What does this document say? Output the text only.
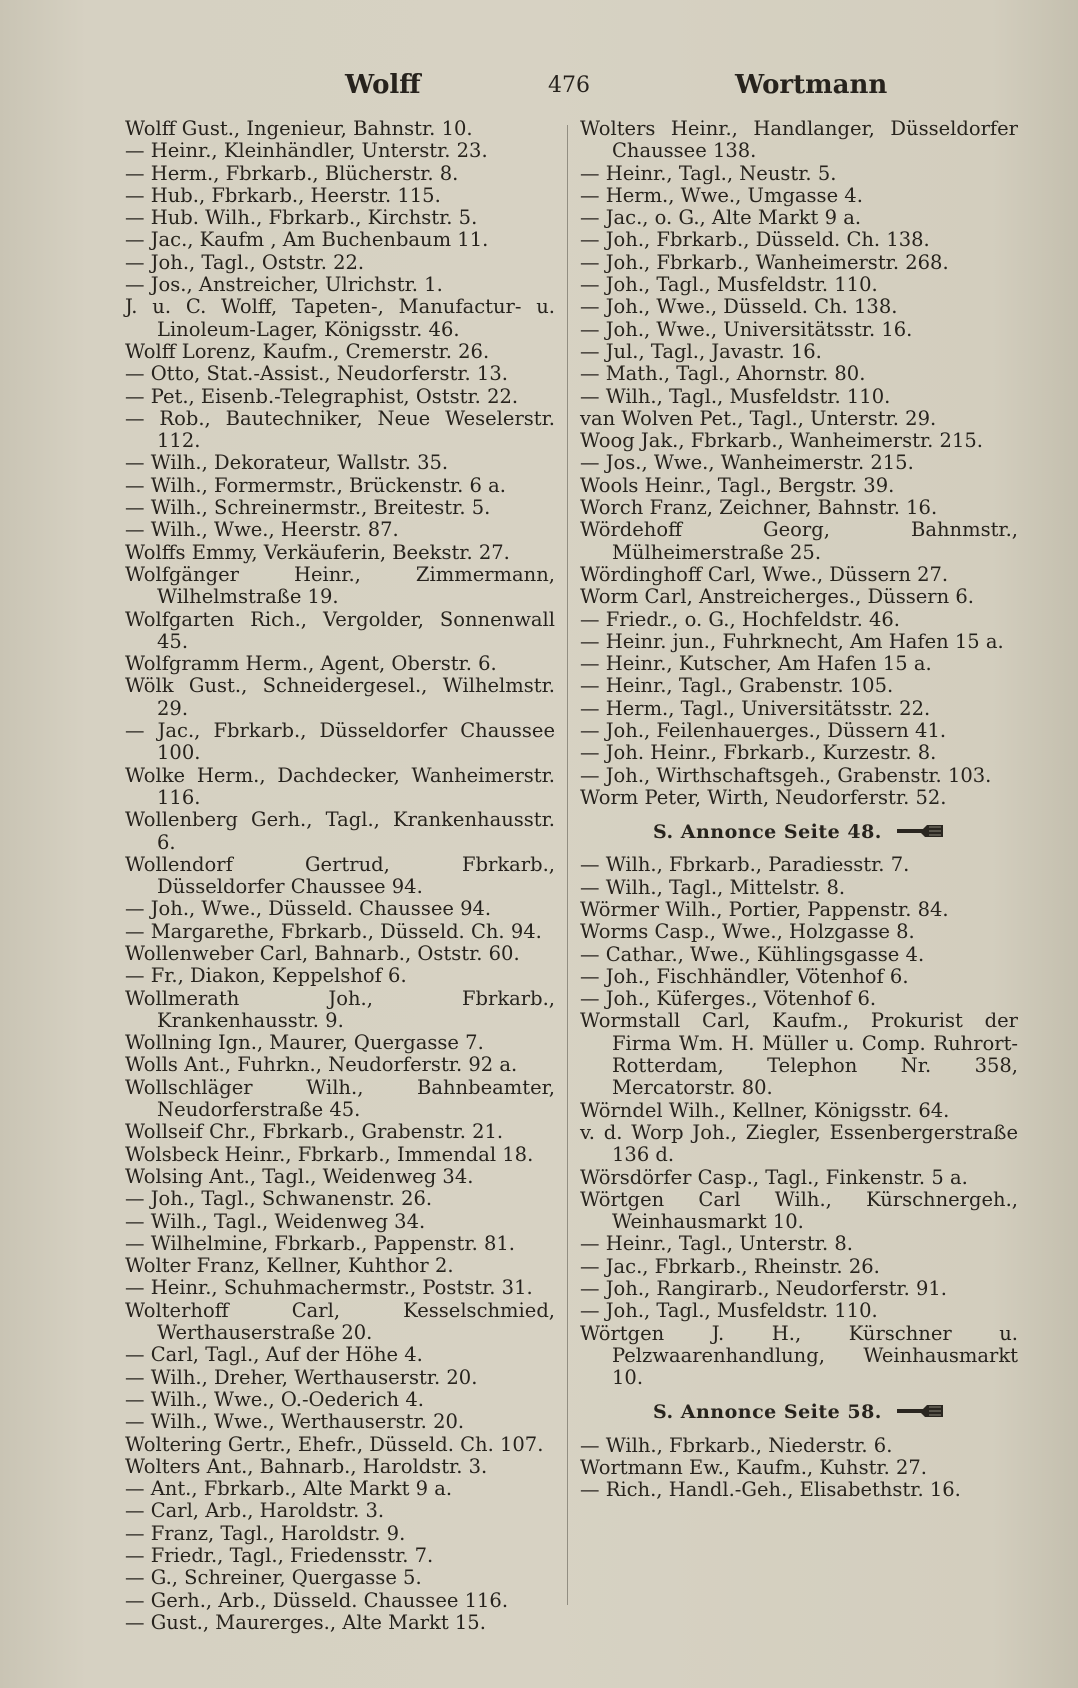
Wolff	476	Wortmann

Wolff Gust., Ingenieur, Bahnstr. 10.

— Heinr., Kleinhändler, Unterstr. 23.

— Herm., Fbrkarb., Blücherstr. 8.

— Hub., Fbrkarb., Heerstr. 115.

— Hub. Wilh., Fbrkarb., Kirchstr. 5.

— Jac., Kaufm , Am Buchenbaum 11.

— Joh., Tagl., Oststr. 22.

— Jos., Anstreicher, Ulrichstr. 1.

J. u. C. Wolff, Tapeten-, Manufactur- u. Linoleum-Lager, Königsstr. 46.

Wolff Lorenz, Kaufm., Cremerstr. 26.

— Otto, Stat.-Assist., Neudorferstr. 13.

— Pet., Eisenb.-Telegraphist, Oststr. 22.

— Rob., Bautechniker, Neue Weselerstr. 112.

— Wilh., Dekorateur, Wallstr. 35.

— Wilh., Formermstr., Brückenstr. 6 a.

— Wilh., Schreinermstr., Breitestr. 5.

— Wilh., Wwe., Heerstr. 87.

Wolffs Emmy, Verkäuferin, Beekstr. 27.

Wolfgänger Heinr., Zimmermann, Wilhelmstraße 19.

Wolfgarten Rich., Vergolder, Sonnenwall 45.

Wolfgramm Herm., Agent, Oberstr. 6.

Wölk Gust., Schneidergesel., Wilhelmstr. 29.

— Jac., Fbrkarb., Düsseldorfer Chaussee 100.

Wolke Herm., Dachdecker, Wanheimerstr. 116.

Wollenberg Gerh., Tagl., Krankenhausstr. 6.

Wollendorf Gertrud, Fbrkarb., Düsseldorfer Chaussee 94.

— Joh., Wwe., Düsseld. Chaussee 94.

— Margarethe, Fbrkarb., Düsseld. Ch. 94.

Wollenweber Carl, Bahnarb., Oststr. 60.

— Fr., Diakon, Keppelshof 6.

Wollmerath Joh., Fbrkarb., Krankenhausstr. 9.

Wollning Ign., Maurer, Quergasse 7.

Wolls Ant., Fuhrkn., Neudorferstr. 92 a.

Wollschläger Wilh., Bahnbeamter, Neudorferstraße 45.

Wollseif Chr., Fbrkarb., Grabenstr. 21.

Wolsbeck Heinr., Fbrkarb., Immendal 18.

Wolsing Ant., Tagl., Weidenweg 34.

— Joh., Tagl., Schwanenstr. 26.

— Wilh., Tagl., Weidenweg 34.

— Wilhelmine, Fbrkarb., Pappenstr. 81.

Wolter Franz, Kellner, Kuhthor 2.

— Heinr., Schuhmachermstr., Poststr. 31.

Wolterhoff Carl, Kesselschmied, Werthauserstraße 20.

— Carl, Tagl., Auf der Höhe 4.

— Wilh., Dreher, Werthauserstr. 20.

— Wilh., Wwe., O.-Oederich 4.

— Wilh., Wwe., Werthauserstr. 20.

Woltering Gertr., Ehefr., Düsseld. Ch. 107.

Wolters Ant., Bahnarb., Haroldstr. 3.

— Ant., Fbrkarb., Alte Markt 9 a.

— Carl, Arb., Haroldstr. 3.

— Franz, Tagl., Haroldstr. 9.

— Friedr., Tagl., Friedensstr. 7.

— G., Schreiner, Quergasse 5.

— Gerh., Arb., Düsseld. Chaussee 116.

— Gust., Maurerges., Alte Markt 15.

Wolters Heinr., Handlanger, Düsseldorfer Chaussee 138.

— Heinr., Tagl., Neustr. 5.

— Herm., Wwe., Umgasse 4.

— Jac., o. G., Alte Markt 9 a.

— Joh., Fbrkarb., Düsseld. Ch. 138.

— Joh., Fbrkarb., Wanheimerstr. 268.

— Joh., Tagl., Musfeldstr. 110.

— Joh., Wwe., Düsseld. Ch. 138.

— Joh., Wwe., Universitätsstr. 16.

— Jul., Tagl., Javastr. 16.

— Math., Tagl., Ahornstr. 80.

— Wilh., Tagl., Musfeldstr. 110.

van Wolven Pet., Tagl., Unterstr. 29.

Woog Jak., Fbrkarb., Wanheimerstr. 215.

— Jos., Wwe., Wanheimerstr. 215.

Wools Heinr., Tagl., Bergstr. 39.

Worch Franz, Zeichner, Bahnstr. 16.

Wördehoff Georg, Bahnmstr., Mülheimerstraße 25.

Wördinghoff Carl, Wwe., Düssern 27.

Worm Carl, Anstreicherges., Düssern 6.

— Friedr., o. G., Hochfeldstr. 46.

— Heinr. jun., Fuhrknecht, Am Hafen 15 a.

— Heinr., Kutscher, Am Hafen 15 a.

— Heinr., Tagl., Grabenstr. 105.

— Herm., Tagl., Universitätsstr. 22.

— Joh., Feilenhauerges., Düssern 41.

— Joh. Heinr., Fbrkarb., Kurzestr. 8.

— Joh., Wirthschaftsgeh., Grabenstr. 103.

Worm Peter, Wirth, Neudorferstr. 52.

S. Annonce Seite 48.

— Wilh., Fbrkarb., Paradiesstr. 7.

— Wilh., Tagl., Mittelstr. 8.

Wörmer Wilh., Portier, Pappenstr. 84.

Worms Casp., Wwe., Holzgasse 8.

— Cathar., Wwe., Kühlingsgasse 4.

— Joh., Fischhändler, Vötenhof 6.

— Joh., Küferges., Vötenhof 6.

Wormstall Carl, Kaufm., Prokurist der Firma Wm. H. Müller u. Comp. Ruhrort-Rotterdam, Telephon Nr. 358, Mercatorstr. 80.

Wörndel Wilh., Kellner, Königsstr. 64.

v. d. Worp Joh., Ziegler, Essenbergerstraße 136 d.

Wörsdörfer Casp., Tagl., Finkenstr. 5 a.

Wörtgen Carl Wilh., Kürschnergeh., Weinhausmarkt 10.

— Heinr., Tagl., Unterstr. 8.

— Jac., Fbrkarb., Rheinstr. 26.

— Joh., Rangirarb., Neudorferstr. 91.

— Joh., Tagl., Musfeldstr. 110.

Wörtgen J. H., Kürschner u. Pelzwaarenhandlung, Weinhausmarkt 10.

S. Annonce Seite 58.

— Wilh., Fbrkarb., Niederstr. 6.

Wortmann Ew., Kaufm., Kuhstr. 27.

— Rich., Handl.-Geh., Elisabethstr. 16.
